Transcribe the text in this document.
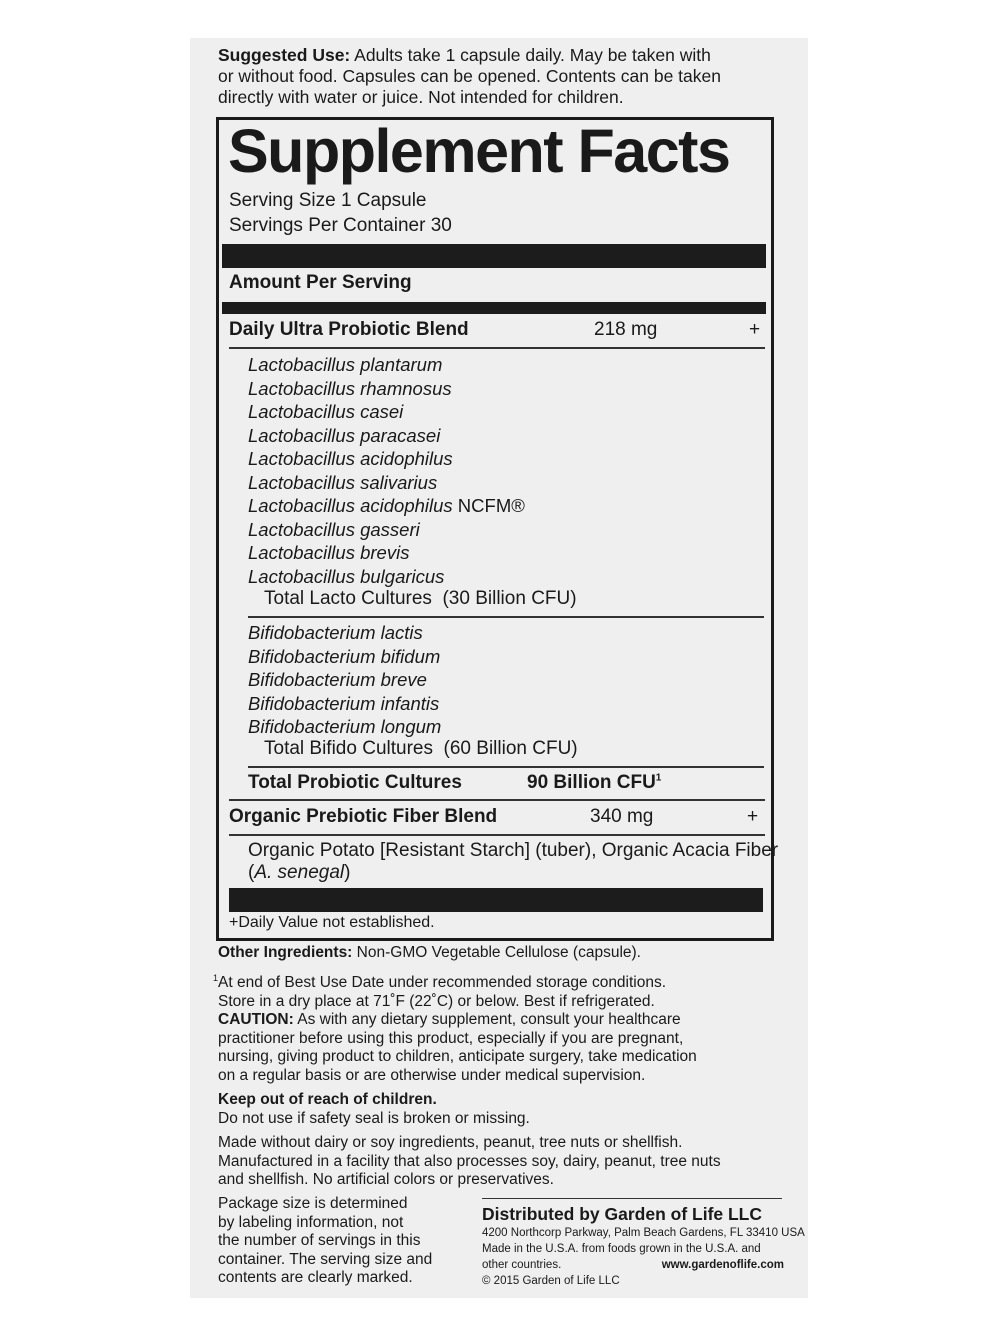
Suggested Use: Adults take 1 capsule daily. May be taken with
or without food. Capsules can be opened. Contents can be taken
directly with water or juice. Not intended for children.
Supplement Facts
Serving Size 1 Capsule
Servings Per Container 30
Amount Per Serving
Daily Ultra Probiotic Blend	218 mg	+
Lactobacillus plantarum
Lactobacillus rhamnosus
Lactobacillus casei
Lactobacillus paracasei
Lactobacillus acidophilus
Lactobacillus salivarius
Lactobacillus acidophilus NCFM®
Lactobacillus gasseri
Lactobacillus brevis
Lactobacillus bulgaricus
Total Lacto Cultures  (30 Billion CFU)
Bifidobacterium lactis
Bifidobacterium bifidum
Bifidobacterium breve
Bifidobacterium infantis
Bifidobacterium longum
Total Bifido Cultures  (60 Billion CFU)
Total Probiotic Cultures	90 Billion CFU$^1$
Organic Prebiotic Fiber Blend	340 mg	+
Organic Potato [Resistant Starch] (tuber), Organic Acacia Fiber
(A. senegal)
+Daily Value not established.
Other Ingredients: Non-GMO Vegetable Cellulose (capsule).
$^1$At end of Best Use Date under recommended storage conditions.
Store in a dry place at 71˚F (22˚C) or below. Best if refrigerated.
CAUTION: As with any dietary supplement, consult your healthcare
practitioner before using this product, especially if you are pregnant,
nursing, giving product to children, anticipate surgery, take medication
on a regular basis or are otherwise under medical supervision.
Keep out of reach of children.
Do not use if safety seal is broken or missing.
Made without dairy or soy ingredients, peanut, tree nuts or shellfish.
Manufactured in a facility that also processes soy, dairy, peanut, tree nuts
and shellfish. No artificial colors or preservatives.
Package size is determined
by labeling information, not
the number of servings in this
container. The serving size and
contents are clearly marked.
Distributed by Garden of Life LLC
4200 Northcorp Parkway, Palm Beach Gardens, FL 33410 USA
Made in the U.S.A. from foods grown in the U.S.A. and
other countries.	www.gardenoflife.com
© 2015 Garden of Life LLC
